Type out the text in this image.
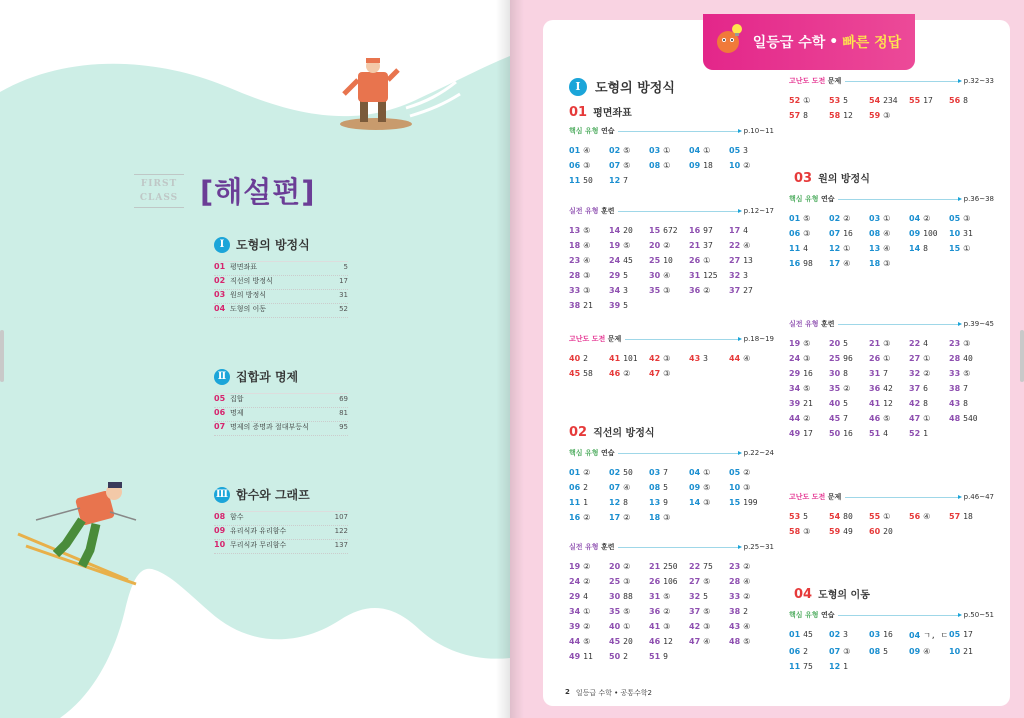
FIRST
CLASS [해설편]
Ⅰ 도형의 방정식
01 평면좌표	5
02 직선의 방정식	17
03 원의 방정식	31
04 도형의 이동	52
Ⅱ 집합과 명제
05 집합	69
06 명제	81
07 명제의 증명과 절대부등식	95
Ⅲ 함수와 그래프
08 함수	107
09 유리식과 유리함수	122
10 무리식과 무리함수	137
일등급 수학 • 빠른 정답
Ⅰ	도형의 방정식
01 평면좌표
핵심 유형 연습	p.10~11
01 ④	02 ⑤	03 ①	04 ①	05 3
06 ③	07 ⑤	08 ①	09 18	10 ②
11 50	12 7
실전 유형 훈련	p.12~17
13 ⑤	14 20	15 672	16 97	17 4
18 ④	19 ⑤	20 ②	21 37	22 ④
23 ④	24 45	25 10	26 ①	27 13
28 ③	29 5	30 ④	31 125	32 3
33 ③	34 3	35 ③	36 ②	37 27
38 21	39 5
고난도 도전 문제	p.18~19
40 2	41 101	42 ③	43 3	44 ④
45 58	46 ②	47 ③
02 직선의 방정식
핵심 유형 연습	p.22~24
01 ②	02 50	03 7	04 ①	05 ②
06 2	07 ④	08 5	09 ⑤	10 ③
11 1	12 8	13 9	14 ③	15 199
16 ②	17 ②	18 ③
실전 유형 훈련	p.25~31
19 ②	20 ②	21 250	22 75	23 ②
24 ②	25 ③	26 106	27 ⑤	28 ④
29 4	30 88	31 ⑤	32 5	33 ②
34 ①	35 ⑤	36 ②	37 ⑤	38 2
39 ②	40 ①	41 ③	42 ③	43 ④
44 ⑤	45 20	46 12	47 ④	48 ⑤
49 11	50 2	51 9
고난도 도전 문제	p.32~33
52 ①	53 5	54 234	55 17	56 8
57 8	58 12	59 ③
03 원의 방정식
핵심 유형 연습	p.36~38
01 ⑤	02 ②	03 ①	04 ②	05 ③
06 ③	07 16	08 ④	09 100	10 31
11 4	12 ①	13 ④	14 8	15 ①
16 98	17 ④	18 ③
실전 유형 훈련	p.39~45
19 ⑤	20 5	21 ③	22 4	23 ③
24 ③	25 96	26 ①	27 ①	28 40
29 16	30 8	31 7	32 ②	33 ⑤
34 ⑤	35 ②	36 42	37 6	38 7
39 21	40 5	41 12	42 8	43 8
44 ②	45 7	46 ⑤	47 ①	48 540
49 17	50 16	51 4	52 1
고난도 도전 문제	p.46~47
53 5	54 80	55 ①	56 ④	57 18
58 ③	59 49	60 20
04 도형의 이동
핵심 유형 연습	p.50~51
01 45	02 3	03 16	04 ㄱ, ㄷ 05 17
06 2	07 ③	08 5	09 ④	10 21
11 75	12 1
2 일등급 수학 • 공통수학2
